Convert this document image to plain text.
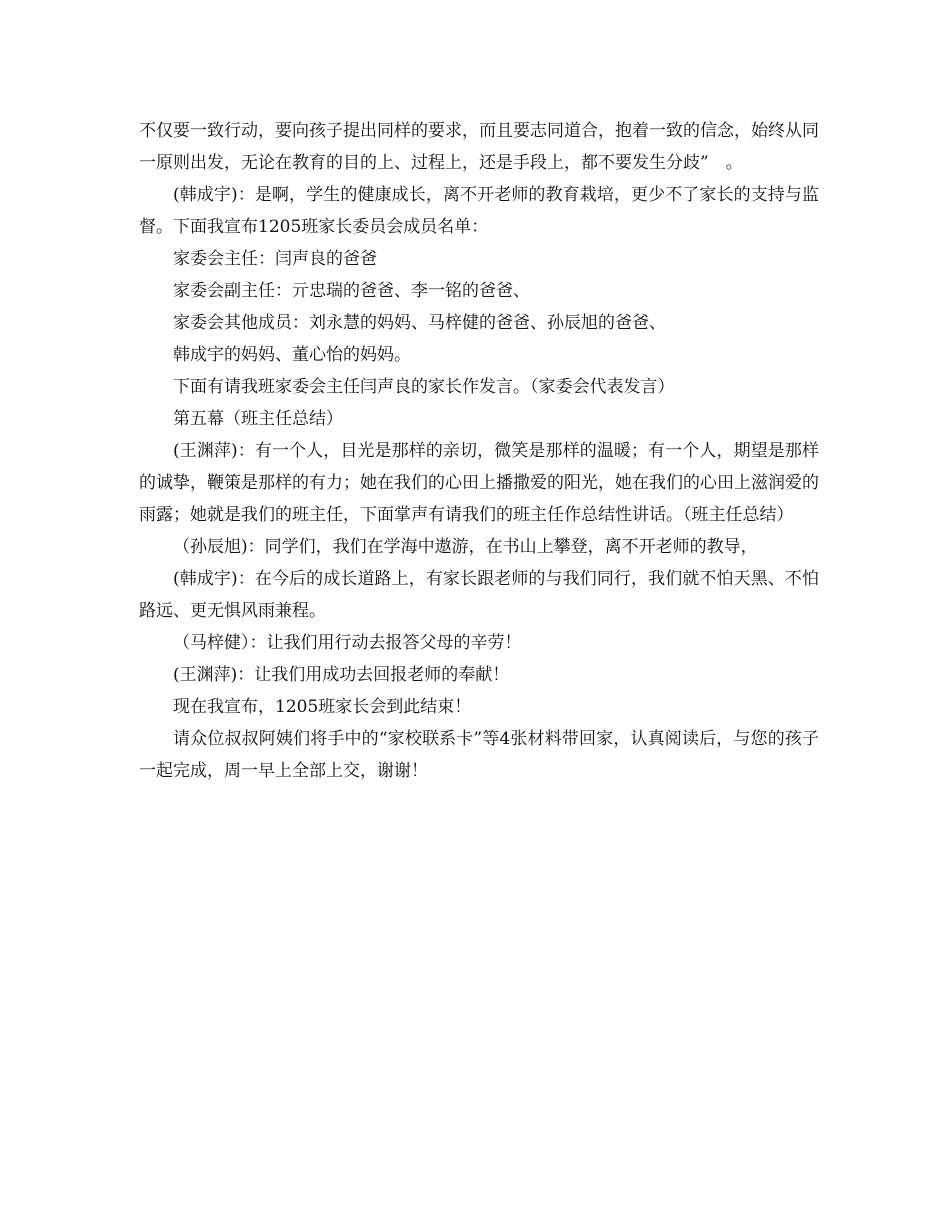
不仅要一致行动，要向孩子提出同样的要求，而且要志同道合，抱着一致的信念，始终从同一原则出发，无论在教育的目的上、过程上，还是手段上，都不要发生分歧”　。

(韩成宇)：是啊，学生的健康成长，离不开老师的教育栽培，更少不了家长的支持与监督。下面我宣布1205班家长委员会成员名单：

家委会主任：闫声良的爸爸

家委会副主任：亓忠瑞的爸爸、李一铭的爸爸、

家委会其他成员：刘永慧的妈妈、马梓健的爸爸、孙辰旭的爸爸、

韩成宇的妈妈、董心怡的妈妈。

下面有请我班家委会主任闫声良的家长作发言。（家委会代表发言）

第五幕（班主任总结）

(王渊萍)：有一个人，目光是那样的亲切，微笑是那样的温暖；有一个人，期望是那样的诚挚，鞭策是那样的有力；她在我们的心田上播撒爱的阳光，她在我们的心田上滋润爱的雨露；她就是我们的班主任，下面掌声有请我们的班主任作总结性讲话。（班主任总结）

（孙辰旭)：同学们，我们在学海中遨游，在书山上攀登，离不开老师的教导，

(韩成宇)：在今后的成长道路上，有家长跟老师的与我们同行，我们就不怕天黑、不怕路远、更无惧风雨兼程。

（马梓健）：让我们用行动去报答父母的辛劳！

(王渊萍)：让我们用成功去回报老师的奉献！

现在我宣布，1205班家长会到此结束！

请众位叔叔阿姨们将手中的“家校联系卡”等4张材料带回家，认真阅读后，与您的孩子一起完成，周一早上全部上交，谢谢！
